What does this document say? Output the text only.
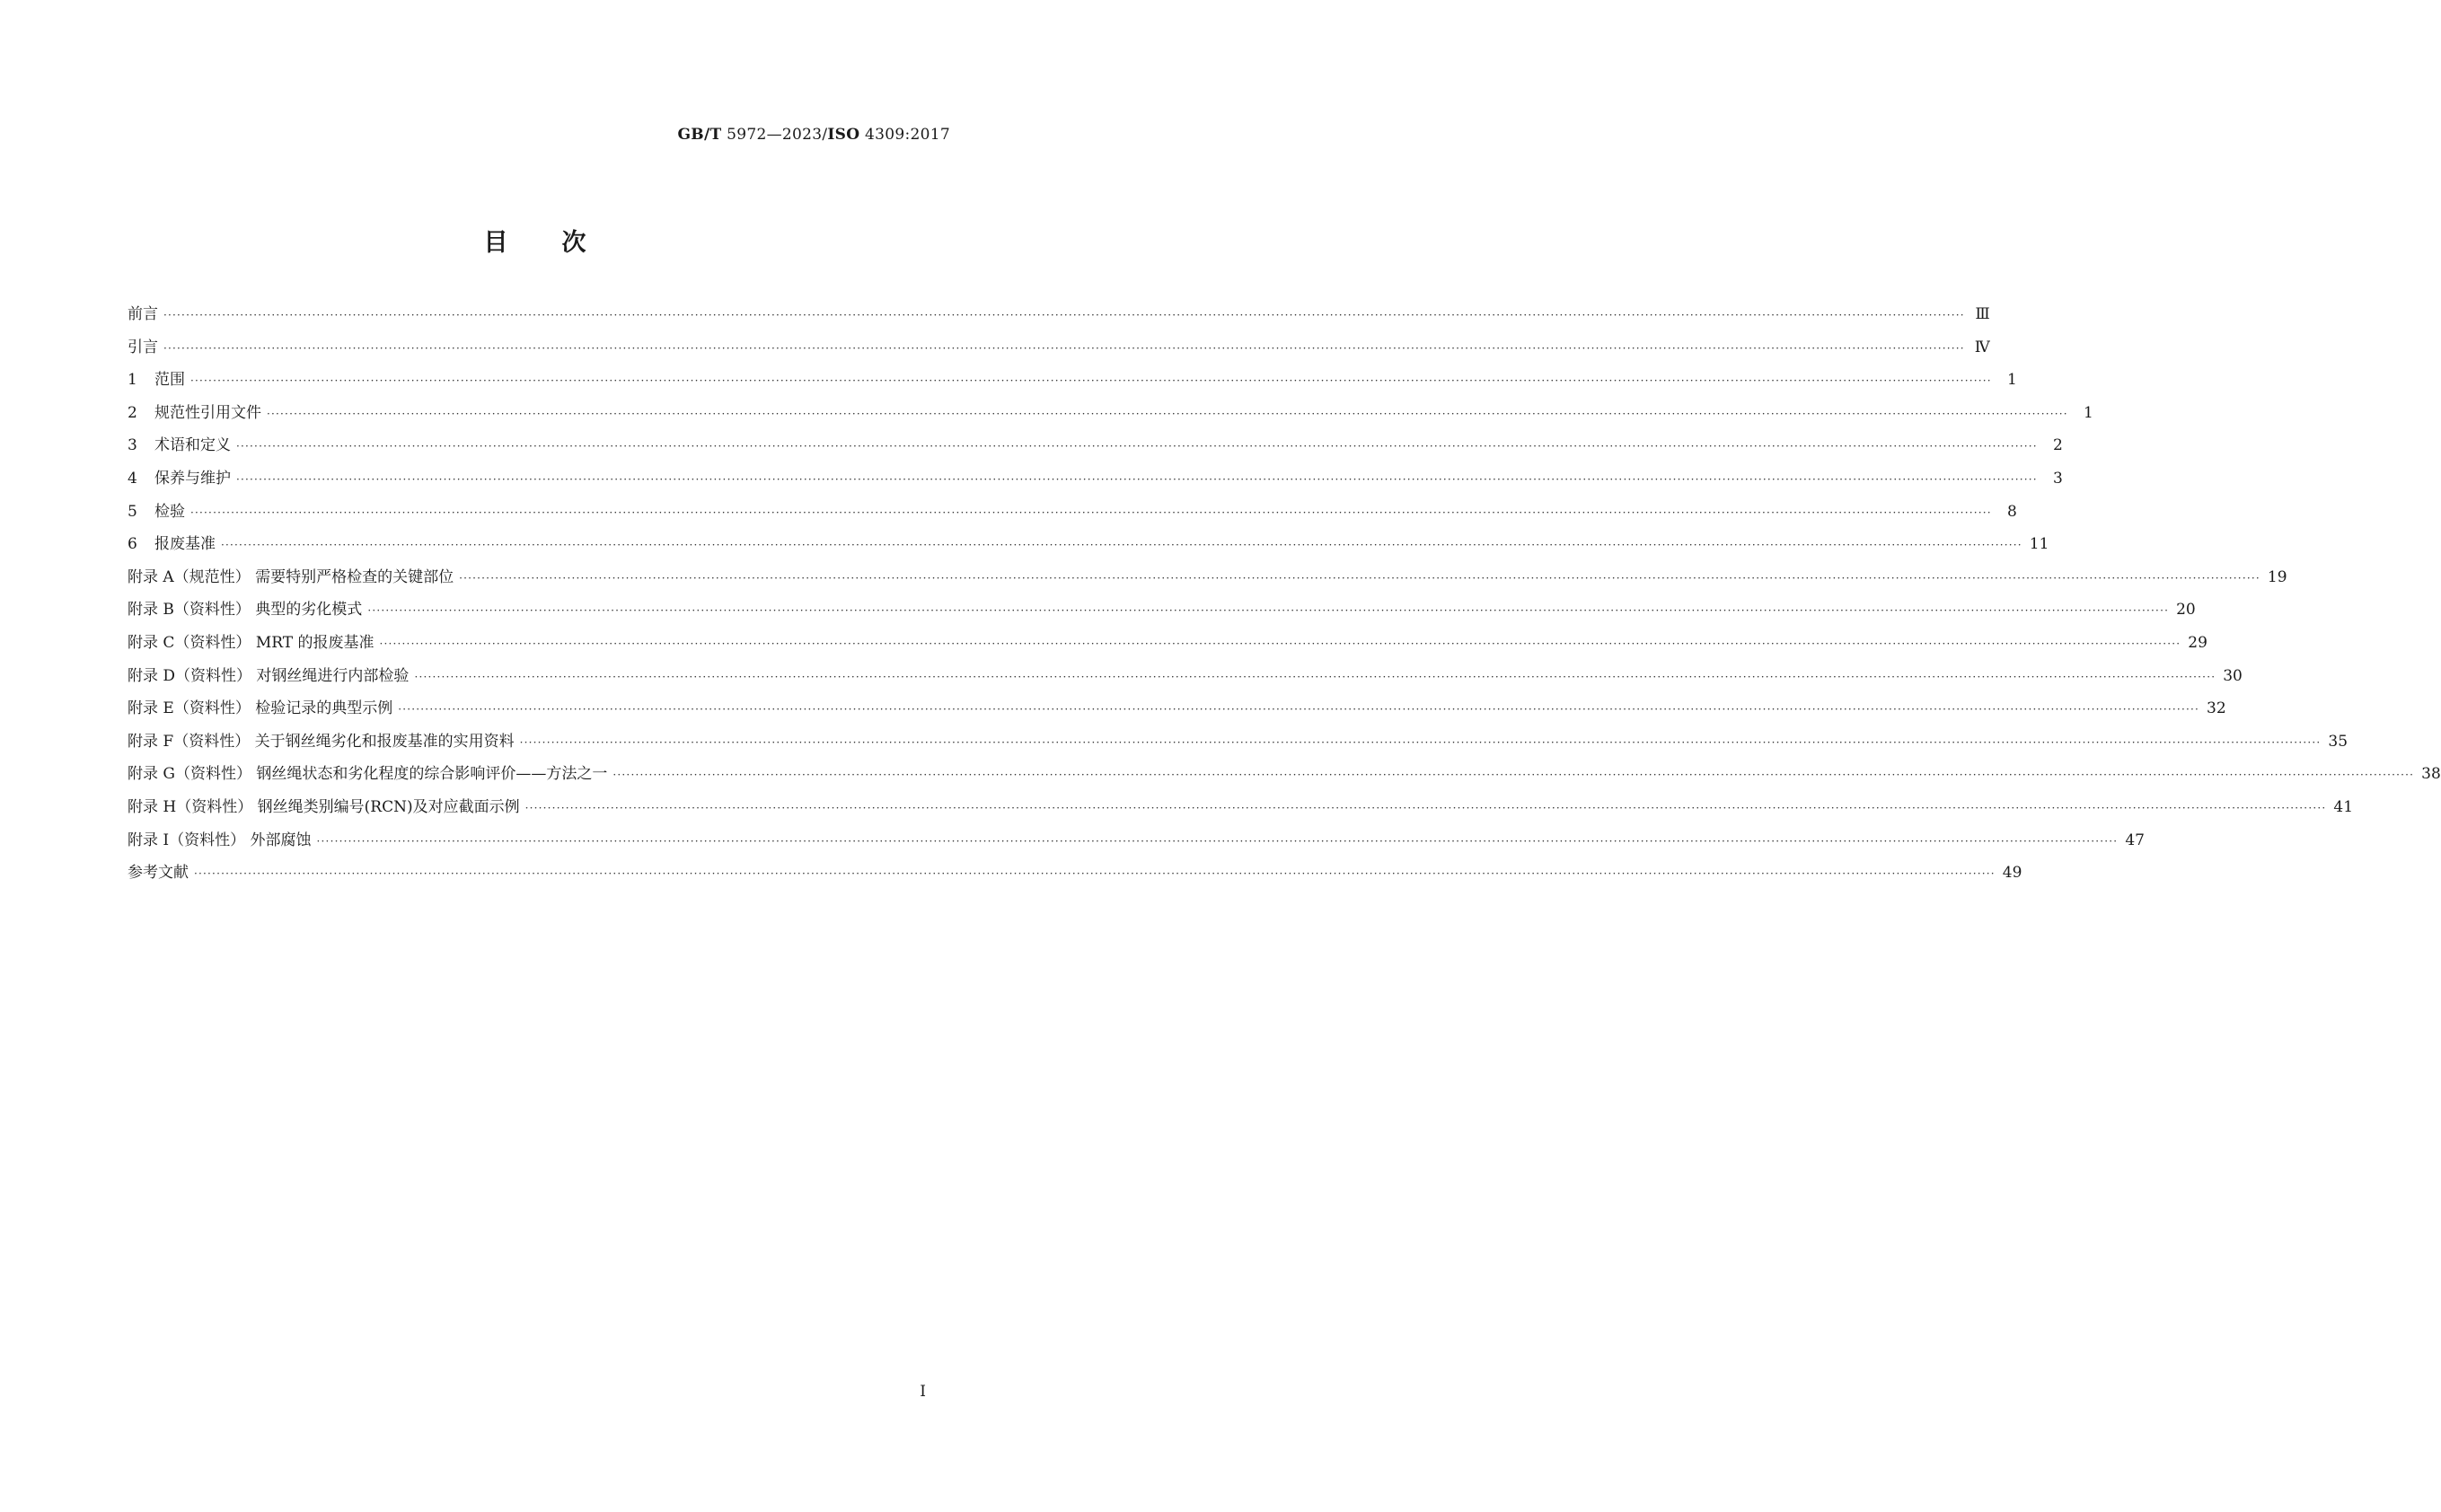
GB/T 5972—2023/ISO 4309:2017
目次
前言 ················································································································································································································································································································································································································ Ⅲ
引言 ················································································································································································································································································································································································································ Ⅳ
1 范围 ················································································································································································································································································································································································································	1
2 规范性引用文件 ················································································································································································································································································································································································································	1
3 术语和定义 ················································································································································································································································································································································································································	2
4 保养与维护 ················································································································································································································································································································································································································	3
5 检验 ················································································································································································································································································································································································································	8
6 报废基准 ················································································································································································································································································································································································································ 11
附录 A（规范性） 需要特别严格检查的关键部位 ················································································································································································································································································································································································································ 19
附录 B（资料性） 典型的劣化模式 ················································································································································································································································································································································································································ 20
附录 C（资料性） MRT 的报废基准 ················································································································································································································································································································································································································ 29
附录 D（资料性） 对钢丝绳进行内部检验 ················································································································································································································································································································································································································ 30
附录 E（资料性） 检验记录的典型示例 ················································································································································································································································································································································································································ 32
附录 F（资料性） 关于钢丝绳劣化和报废基准的实用资料 ················································································································································································································································································································································································································ 35
附录 G（资料性） 钢丝绳状态和劣化程度的综合影响评价——方法之一 ················································································································································································································································································································································································································ 38
附录 H（资料性） 钢丝绳类别编号(RCN)及对应截面示例 ················································································································································································································································································································································································································ 41
附录 I（资料性） 外部腐蚀 ················································································································································································································································································································································································································ 47
参考文献 ················································································································································································································································································································································································································ 49
I
